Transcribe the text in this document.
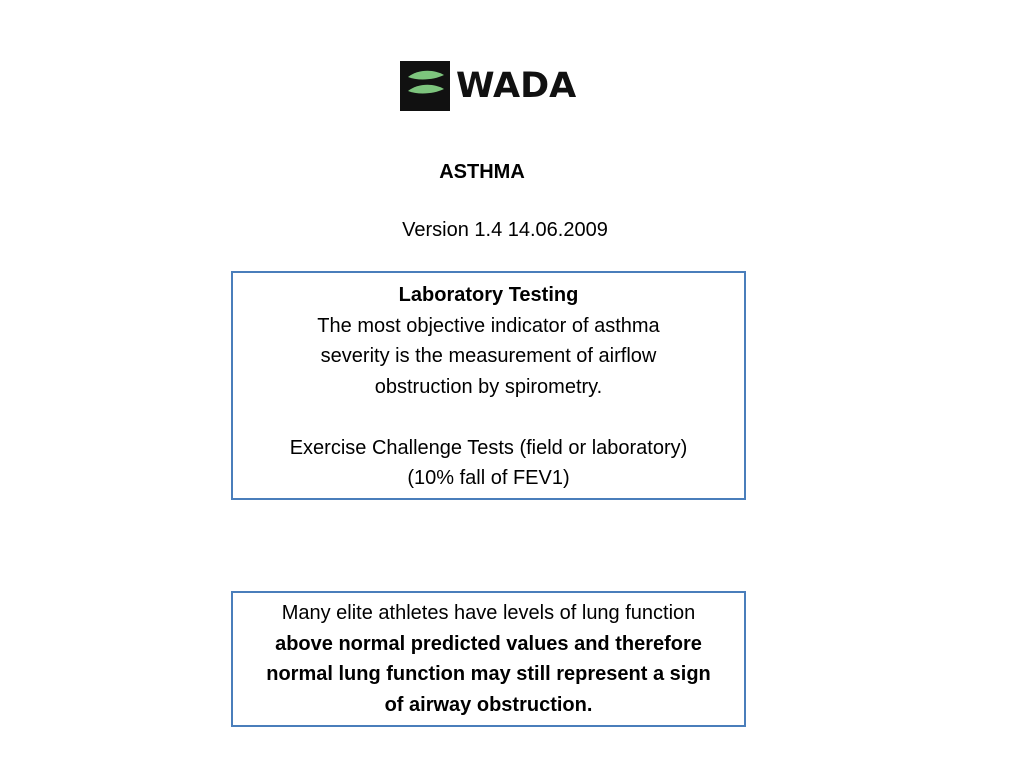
WADA
ASTHMA
Version 1.4 14.06.2009
Laboratory Testing
The most objective indicator of asthma
severity is the measurement of airflow
obstruction by spirometry.
Exercise Challenge Tests (field or laboratory)
(10% fall of FEV1)
Many elite athletes have levels of lung function
above normal predicted values and therefore
normal lung function may still represent a sign
of airway obstruction.
